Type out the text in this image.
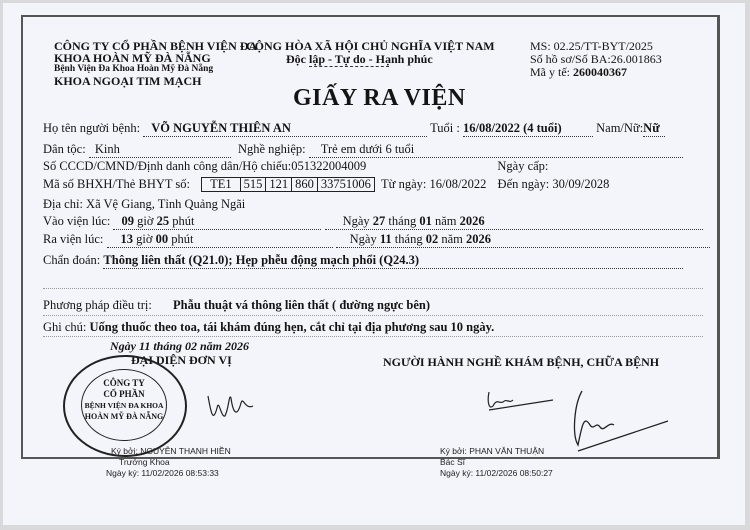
CÔNG TY CỔ PHẦN BỆNH VIỆN ĐA
KHOA HOÀN MỸ ĐÀ NẴNG
Bệnh Viện Đa Khoa Hoàn Mỹ Đà Nẵng
KHOA NGOẠI TIM MẠCH
CỘNG HÒA XÃ HỘI CHỦ NGHĨA VIỆT NAM
Độc lập - Tự do - Hạnh phúc
MS: 02.25/TT-BYT/2025
Số hồ sơ/Số BA:26.001863
Mã y tế: 260040367
GIẤY RA VIỆN
Họ tên người bệnh: VÕ NGUYỄN THIÊN AN	Tuổi : 16/08/2022 (4 tuổi)	Nam/Nữ:Nữ
Dân tộc: Kinh	Nghề nghiệp: Trẻ em dưới 6 tuổi
Số CCCD/CMND/Định danh công dân/Hộ chiếu:051322004009	Ngày cấp:
Mã số BHXH/Thẻ BHYT số: TE1 515 121 860 33751006 Từ ngày: 16/08/2022 Đến ngày: 30/09/2028
Địa chỉ: Xã Vệ Giang, Tỉnh Quảng Ngãi
Vào viện lúc: 09 giờ 25 phút	Ngày 27 tháng 01 năm 2026
Ra viện lúc: 13 giờ 00 phút	Ngày 11 tháng 02 năm 2026
Chẩn đoán: Thông liên thất (Q21.0); Hẹp phễu động mạch phổi (Q24.3)
Phương pháp điều trị: Phẫu thuật vá thông liên thất ( đường ngực bên)
Ghi chú: Uống thuốc theo toa, tái khám đúng hẹn, cắt chỉ tại địa phương sau 10 ngày.
Ngày 11 tháng 02 năm 2026
ĐẠI DIỆN ĐƠN VỊ
CÔNG TY
CỔ PHẦN
BỆNH VIỆN ĐA KHOA
HOÀN MỸ ĐÀ NẴNG
Ký bởi: NGUYỄN THANH HIỀN
Trưởng Khoa
Ngày ký: 11/02/2026 08:53:33
NGƯỜI HÀNH NGHỀ KHÁM BỆNH, CHỮA BỆNH
Ký bởi: PHAN VĂN THUẬN
Bác Sĩ
Ngày ký: 11/02/2026 08:50:27
